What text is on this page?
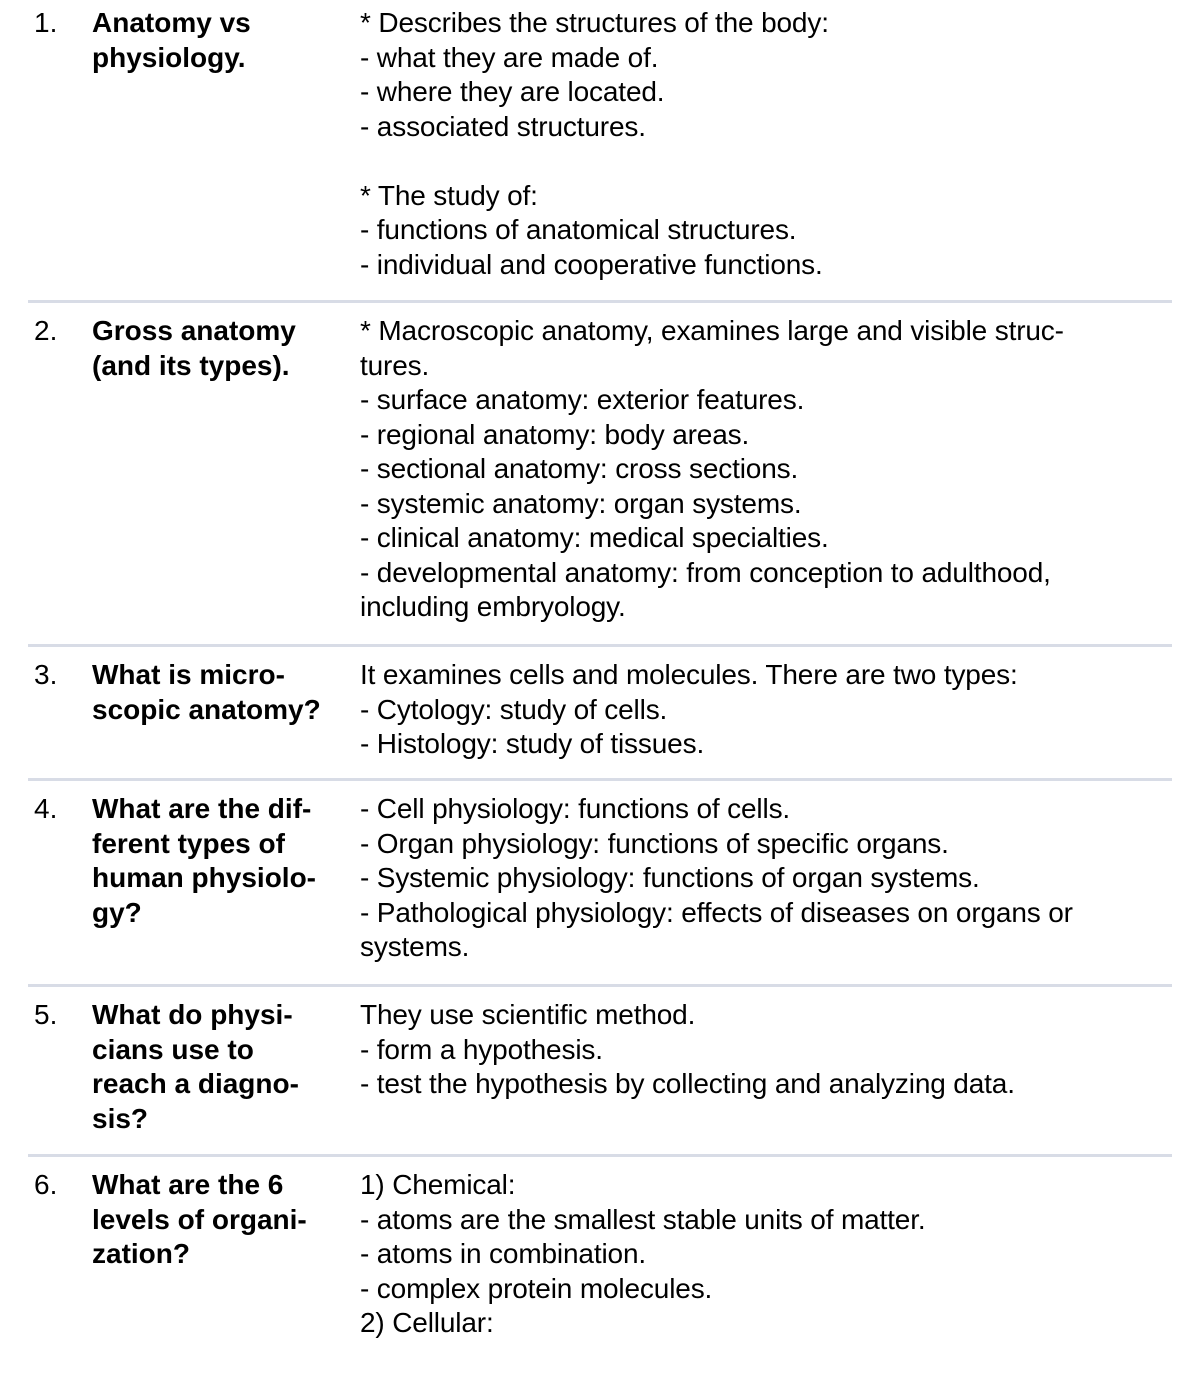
1. Anatomy vs
physiology.
* Describes the structures of the body:
- what they are made of.
- where they are located.
- associated structures.
* The study of:
- functions of anatomical structures.
- individual and cooperative functions.
2. Gross anatomy
(and its types).
* Macroscopic anatomy, examines large and visible struc-
tures.
- surface anatomy: exterior features.
- regional anatomy: body areas.
- sectional anatomy: cross sections.
- systemic anatomy: organ systems.
- clinical anatomy: medical specialties.
- developmental anatomy: from conception to adulthood,
including embryology.
3. What is micro-
scopic anatomy?
It examines cells and molecules. There are two types:
- Cytology: study of cells.
- Histology: study of tissues.
4. What are the dif-
ferent types of
human physiolo-
gy?
- Cell physiology: functions of cells.
- Organ physiology: functions of specific organs.
- Systemic physiology: functions of organ systems.
- Pathological physiology: effects of diseases on organs or
systems.
5. What do physi-
cians use to
reach a diagno-
sis?
They use scientific method.
- form a hypothesis.
- test the hypothesis by collecting and analyzing data.
6. What are the 6
levels of organi-
zation?
1) Chemical:
- atoms are the smallest stable units of matter.
- atoms in combination.
- complex protein molecules.
2) Cellular:
